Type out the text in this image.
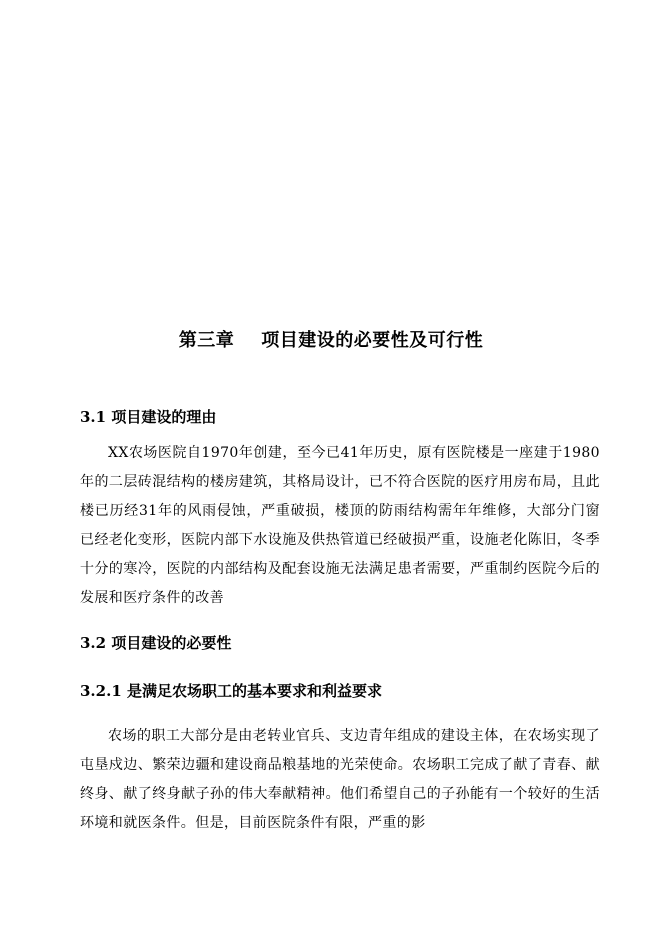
第三章    项目建设的必要性及可行性
3.1 项目建设的理由

XX农场医院自1970年创建，至今已41年历史，原有医院楼是一座建于1980年的二层砖混结构的楼房建筑，其格局设计，已不符合医院的医疗用房布局，且此楼已历经31年的风雨侵蚀，严重破损，楼顶的防雨结构需年年维修，大部分门窗已经老化变形，医院内部下水设施及供热管道已经破损严重，设施老化陈旧，冬季十分的寒冷，医院的内部结构及配套设施无法满足患者需要，严重制约医院今后的发展和医疗条件的改善

3.2 项目建设的必要性
3.2.1 是满足农场职工的基本要求和利益要求

农场的职工大部分是由老转业官兵、支边青年组成的建设主体，在农场实现了屯垦戍边、繁荣边疆和建设商品粮基地的光荣使命。农场职工完成了献了青春、献终身、献了终身献子孙的伟大奉献精神。他们希望自己的子孙能有一个较好的生活环境和就医条件。但是，目前医院条件有限，严重的影
